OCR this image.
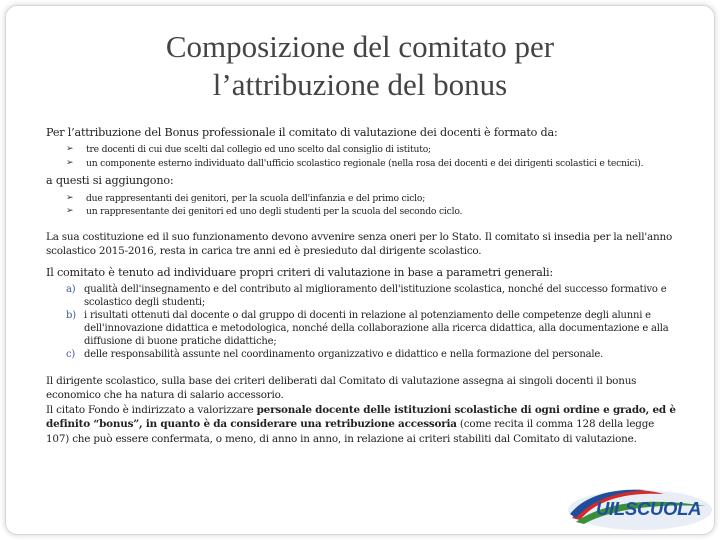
Composizione del comitato per
l’attribuzione del bonus

Per l’attribuzione del Bonus professionale il comitato di valutazione dei docenti è formato da:

➢ tre docenti di cui due scelti dal collegio ed uno scelto dal consiglio di istituto;
➢ un componente esterno individuato dall'ufficio scolastico regionale (nella rosa dei docenti e dei dirigenti scolastici e tecnici).

a questi si aggiungono:

➢ due rappresentanti dei genitori, per la scuola dell'infanzia e del primo ciclo;
➢ un rappresentante dei genitori ed uno degli studenti per la scuola del secondo ciclo.

La sua costituzione ed il suo funzionamento devono avvenire senza oneri per lo Stato. Il comitato si insedia per la nell'anno scolastico 2015-2016, resta in carica tre anni ed è presieduto dal dirigente scolastico.

Il comitato è tenuto ad individuare propri criteri di valutazione in base a parametri generali:

a) qualità dell'insegnamento e del contributo al miglioramento dell'istituzione scolastica, nonché del successo formativo e scolastico degli studenti;
b) i risultati ottenuti dal docente o dal gruppo di docenti in relazione al potenziamento delle competenze degli alunni e dell'innovazione didattica e metodologica, nonché della collaborazione alla ricerca didattica, alla documentazione e alla diffusione di buone pratiche didattiche;
c) delle responsabilità assunte nel coordinamento organizzativo e didattico e nella formazione del personale.

Il dirigente scolastico, sulla base dei criteri deliberati dal Comitato di valutazione assegna ai singoli docenti il bonus economico che ha natura di salario accessorio.

Il citato Fondo è indirizzato a valorizzare personale docente delle istituzioni scolastiche di ogni ordine e grado, ed è definito “bonus”, in quanto è da considerare una retribuzione accessoria (come recita il comma 128 della legge 107) che può essere confermata, o meno, di anno in anno, in relazione ai criteri stabiliti dal Comitato di valutazione.

UILSCUOLA
